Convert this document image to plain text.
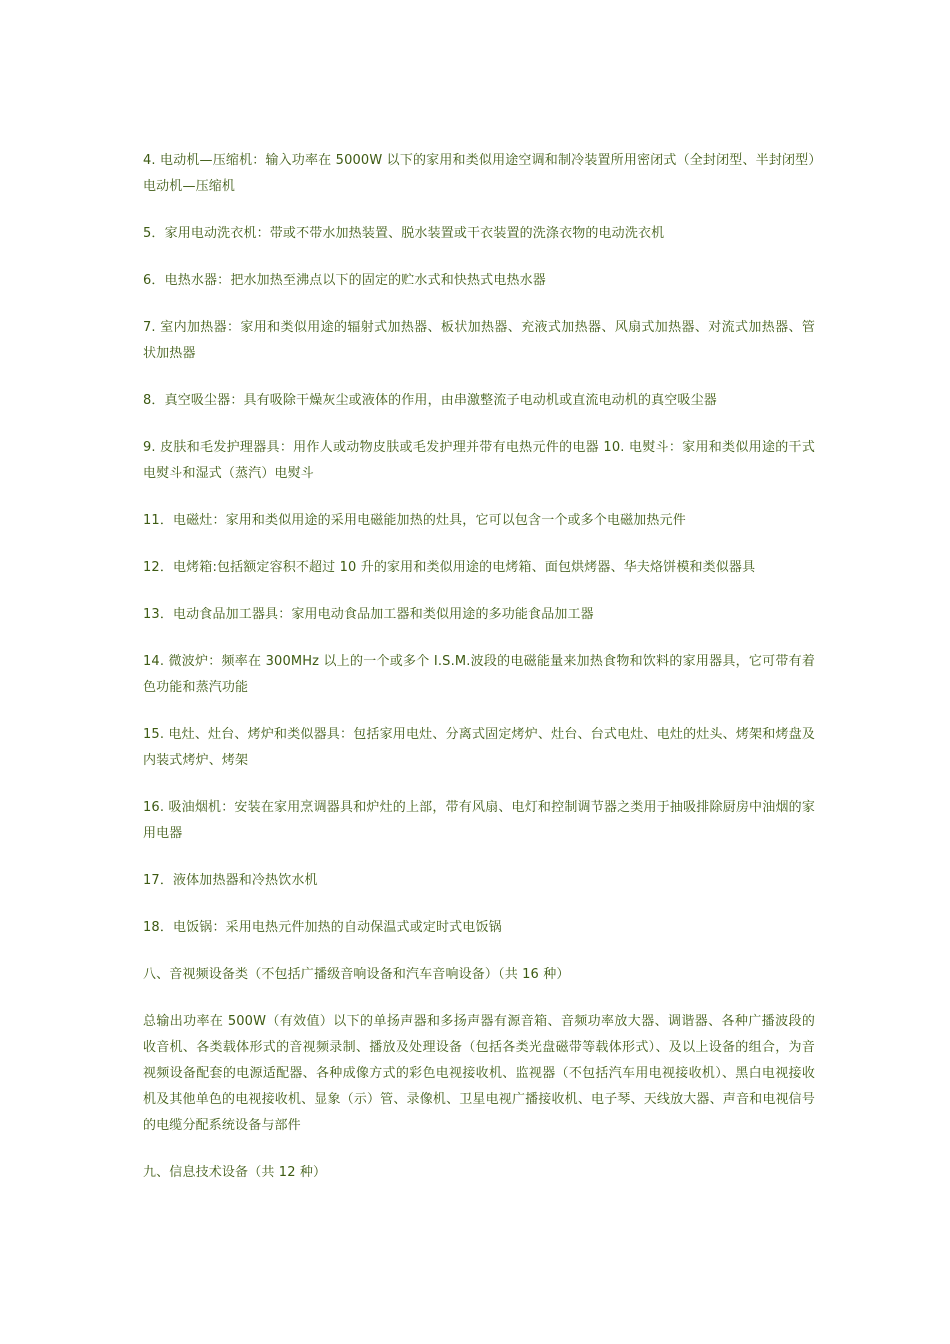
4. 电动机—压缩机：输入功率在 5000W 以下的家用和类似用途空调和制冷装置所用密闭式（全封闭型、半封闭型）电动机—压缩机

5．家用电动洗衣机：带或不带水加热装置、脱水装置或干衣装置的洗涤衣物的电动洗衣机

6．电热水器：把水加热至沸点以下的固定的贮水式和快热式电热水器

7. 室内加热器：家用和类似用途的辐射式加热器、板状加热器、充液式加热器、风扇式加热器、对流式加热器、管状加热器

8．真空吸尘器：具有吸除干燥灰尘或液体的作用，由串激整流子电动机或直流电动机的真空吸尘器

9. 皮肤和毛发护理器具：用作人或动物皮肤或毛发护理并带有电热元件的电器 10. 电熨斗：家用和类似用途的干式电熨斗和湿式（蒸汽）电熨斗

11．电磁灶：家用和类似用途的采用电磁能加热的灶具，它可以包含一个或多个电磁加热元件

12．电烤箱:包括额定容积不超过 10 升的家用和类似用途的电烤箱、面包烘烤器、华夫烙饼模和类似器具

13．电动食品加工器具：家用电动食品加工器和类似用途的多功能食品加工器

14. 微波炉：频率在 300MHz 以上的一个或多个 I.S.M.波段的电磁能量来加热食物和饮料的家用器具，它可带有着色功能和蒸汽功能

15. 电灶、灶台、烤炉和类似器具：包括家用电灶、分离式固定烤炉、灶台、台式电灶、电灶的灶头、烤架和烤盘及内装式烤炉、烤架

16. 吸油烟机：安装在家用烹调器具和炉灶的上部，带有风扇、电灯和控制调节器之类用于抽吸排除厨房中油烟的家用电器

17．液体加热器和冷热饮水机

18．电饭锅：采用电热元件加热的自动保温式或定时式电饭锅

八、音视频设备类（不包括广播级音响设备和汽车音响设备）（共 16 种）

总输出功率在 500W（有效值）以下的单扬声器和多扬声器有源音箱、音频功率放大器、调谐器、各种广播波段的收音机、各类载体形式的音视频录制、播放及处理设备（包括各类光盘磁带等载体形式）、及以上设备的组合，为音视频设备配套的电源适配器、各种成像方式的彩色电视接收机、监视器（不包括汽车用电视接收机）、黑白电视接收机及其他单色的电视接收机、显象（示）管、录像机、卫星电视广播接收机、电子琴、天线放大器、声音和电视信号的电缆分配系统设备与部件

九、信息技术设备（共 12 种）
